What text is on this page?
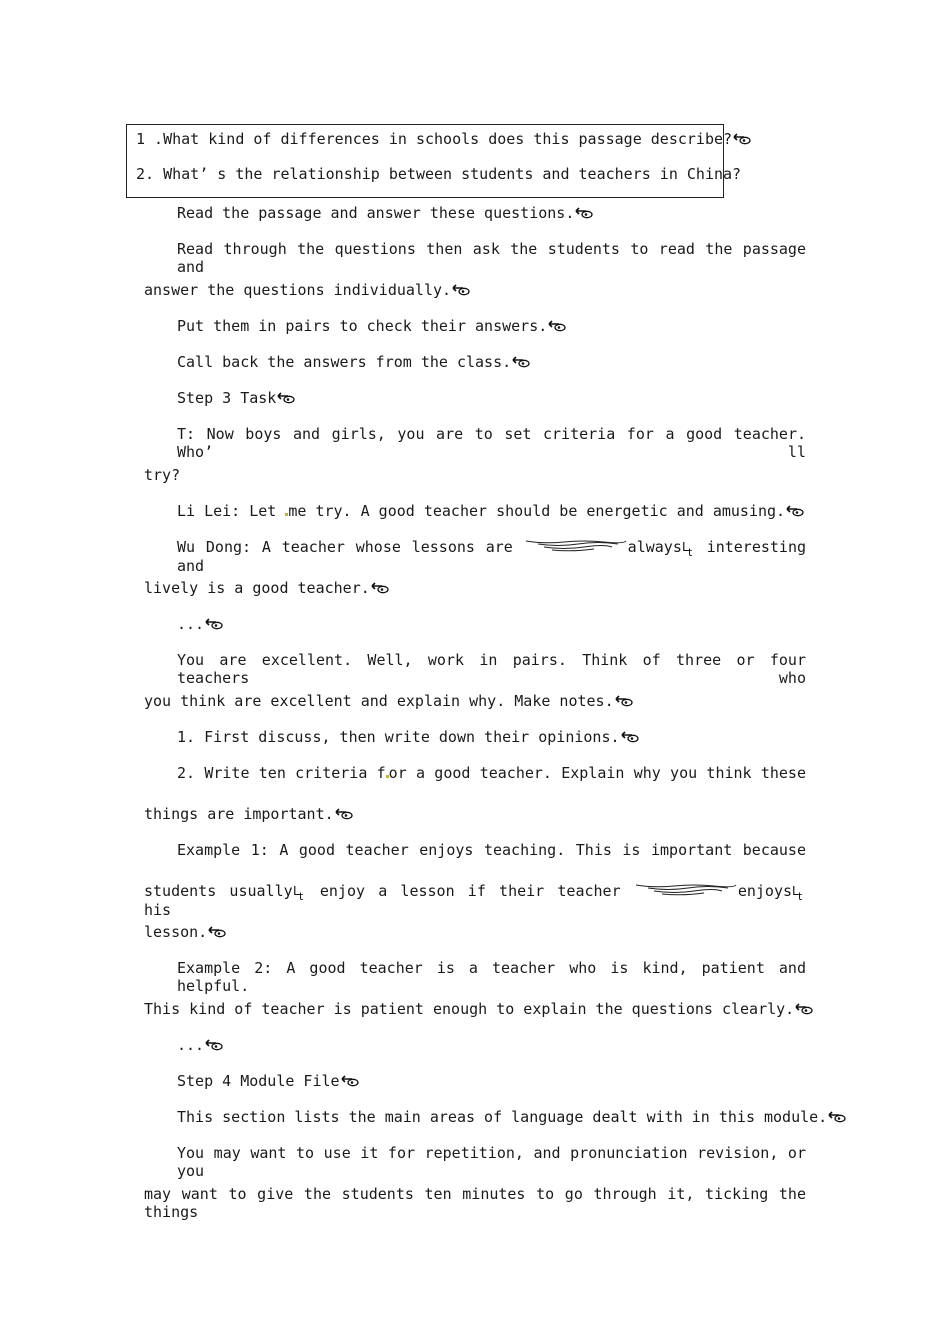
1 .What kind of differences in schools does this passage describe?
2. What’ s the relationship between students and teachers in China?
Read the passage and answer these questions.
Read through the questions then ask the students to read the passage and
answer the questions individually.
Put them in pairs to check their answers.
Call back the answers from the class.
Step 3 Task
T: Now boys and girls, you are to set criteria for a good teacher. Who’ ll
try?
Li Lei: Let me try. A good teacher should be energetic and amusing.
Wu Dong: A teacher whose lessons are	always interesting and
lively is a good teacher.
...
You are excellent. Well, work in pairs. Think of three or four teachers who
you think are excellent and explain why. Make notes.
1. First discuss, then write down their opinions.
2. Write ten criteria f or a good teacher. Explain why you think these
things are important.
Example 1: A good teacher enjoys teaching. This is important because
students usually enjoy a lesson if their teacher	enjoys his
lesson.
Example 2: A good teacher is a teacher who is kind, patient and helpful.
This kind of teacher is patient enough to explain the questions clearly.
...
Step 4 Module File
This section lists the main areas of language dealt with in this module.
You may want to use it for repetition, and pronunciation revision, or you
may want to give the students ten minutes to go through it, ticking the things
